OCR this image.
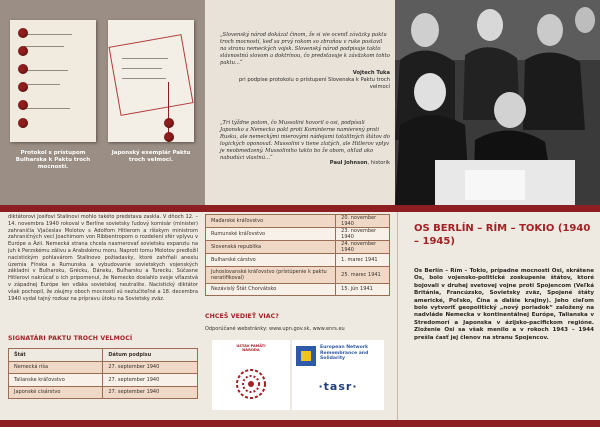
Protokol s prístupom Bulharska k Paktu troch mocností.
Japonský exemplár Paktu troch velmocí.

„Slovenský národ dokázal činom, že si vie oceniť záväzky paktu troch mocností, keď sa prvý rokom so zbraňou v ruke postavil na stranu nemeckých vojsk. Slovenský národ podpisuje takto slávnostnú slovom a doktrínou, čo predstavuje k záväzkom tohto paktu...“

Vojtech Tuka

pri podpise protokolu o prístupení Slovenska k Paktu troch velmocí

„Tri týždne potom, čo Mussolini hovoril o osi, podpísali Japonsko a Nemecko pakt proti Kominterne namierený proti Rusku, ale nemeckými mierovými nádejami totalitných štátov do logických oponovať. Mussolini v tiene zlatých, ale Hitlerov vplyv je neobmedzený. Mussoliniho takto bo že obom, ohľad ako nabudúci vlastnú...“

Paul Johnson, historik

diktátorovi Josifovi Stalinovi mohlo takéto predstava zaskla. V dňoch 12. – 14. novembra 1940 rokoval v Berlíne sovietsky ľudový komisár (minister) zahraničia Vjačeslav Molotov s Adolfom Hitlerom a ríšskym ministrom zahraničných vecí Joachimom von Ribbentropom o rozdelení sfér vplyvu v Európe a Ázii. Nemecká strana chcela nasmerovať sovietsku expanziu na juh k Perzskému zálivu a Arabskému moru. Naproti tomu Molotov predložil nacistickým pohlavárom Stalinovo požiadavky, ktoré zahŕňali anexiu územia Fínska a Rumunska a vybudovanie sovietskych vojenských základní v Bulharsku, Grécku, Dánsku, Bulharsku a Turecku. Súčasne Hitlerovi nakrúcať o ich pripomenul, že Nemecko dosiahlo svoje víťazstvá v západnej Európe len vďaka sovietskej neutralite. Nacistický diktátor však pochopil, že záujmy oboch mocností sú nezlučiteľné a 18. decembra 1940 vydal tajný rozkaz na prípravu útoku na Sovietsky zväz.

SIGNATÁRI PAKTU TROCH VELMOCÍ
Štát	Dátum podpisu
Nemecká ríša	27. september 1940
Talianske kráľovstvo	27. september 1940
Japonské cisárstvo	27. september 1940
Maďarské kráľovstvo	20. november 1940
Rumunské kráľovstvo	23. november 1940
Slovenská republika	24. november 1940
Bulharské cárstvo	1. marec 1941
Juhoslovanské kráľovstvo (prístúpenie k paktu neratifikoval)	25. marec 1941
Nezávislý Štát Chorvátsko	15. jún 1941
CHCEŠ VEDIEŤ VIAC?

Odporúčané webstránky: www.upn.gov.sk, www.enrs.eu

ÚSTAV PAMÄTI NÁRODA
European Network Remembrance and Solidarity
·tasr·
OS BERLÍN – RÍM – TOKIO (1940 – 1945)

Os Berlín – Rím – Tokio, prípadne mocnosti Osi, skrátene Os, bolo vojensko-politické zoskupenie štátov, ktoré bojovali v druhej svetovej vojne proti Spojencom (Veľká Británia, Francúzsko, Sovietsky zväz, Spojené štáty americké, Poľsko, Čína a ďalšie krajiny). Jeho cieľom bolo vytvoriť geopolitický „nový poriadok“ založený na nadvláde Nemecka v kontinentálnej Európe, Talianska v Stredomorí a Japonska v ázijsko-pacifickom regióne. Zloženie Osi sa však menilo a v rokoch 1943 – 1944 prešla časť jej členov na stranu Spojencov.
